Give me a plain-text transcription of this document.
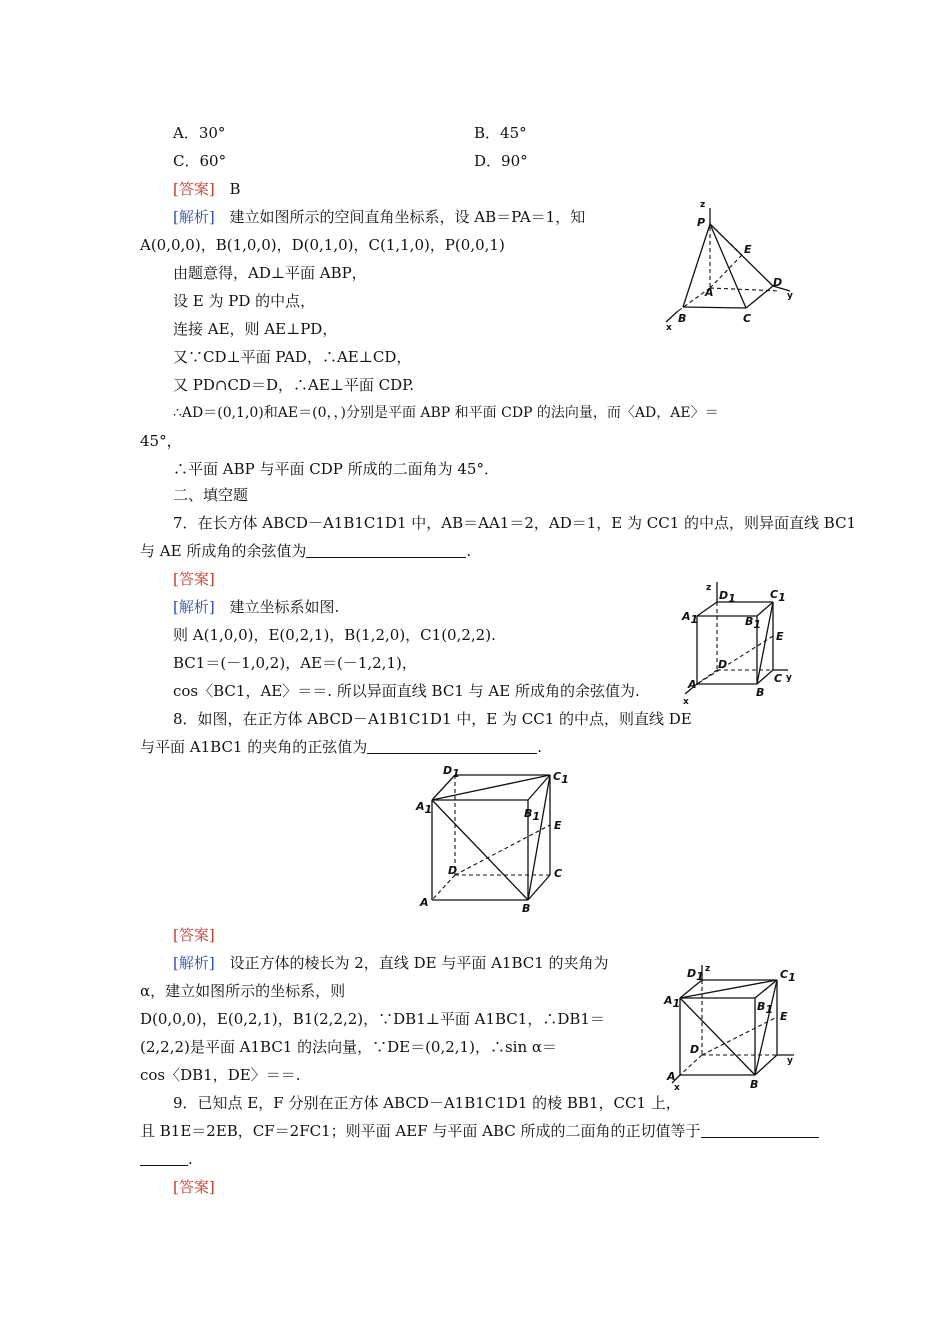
A．30°	B．45°
C．60°	D．90°
[答案] B
[解析] 建立如图所示的空间直角坐标系，设 AB＝PA＝1，知
A(0,0,0)，B(1,0,0)，D(0,1,0)，C(1,1,0)，P(0,0,1)
由题意得，AD⊥平面 ABP，
设 E 为 PD 的中点，
连接 AE，则 AE⊥PD，
又∵CD⊥平面 PAD，∴AE⊥CD，
又 PD∩CD＝D，∴AE⊥平面 CDP.
∴AD＝(0,1,0)和AE＝(0，，)分别是平面 ABP 和平面 CDP 的法向量，而〈AD，AE〉＝
45°，
∴平面 ABP 与平面 CDP 所成的二面角为 45°．
z
P
E
A
D
y
B	C
x
二、填空题
7．在长方体 ABCD－A1B1C1D1 中，AB＝AA1＝2，AD＝1，E 为 CC1 的中点，则异面直线 BC1
与 AE 所成角的余弦值为	.
[答案]
[解析] 建立坐标系如图.
则 A(1,0,0)，E(0,2,1)，B(1,2,0)，C1(0,2,2).
BC1＝(－1,0,2)，AE＝(－1,2,1)，
cos〈BC1，AE〉＝＝. 所以异面直线 BC1 与 AE 所成角的余弦值为.
z
D1	C1
A1	B1
E
D
A	C y
B
x
8．如图，在正方体 ABCD－A1B1C1D1 中，E 为 CC1 的中点，则直线 DE
与平面 A1BC1 的夹角的正弦值为	.
D1	C1
A1	B1
E
D	C
A	B
[答案]
[解析] 设正方体的棱长为 2，直线 DE 与平面 A1BC1 的夹角为
α，建立如图所示的坐标系，则
D(0,0,0)，E(0,2,1)，B1(2,2,2)，∵DB1⊥平面 A1BC1，∴DB1＝
(2,2,2)是平面 A1BC1 的法向量，∵DE＝(0,2,1)，∴sin α＝
cos〈DB1，DE〉＝＝.
D1
z	C1
A1	B1
E
D
y
A
x	B
9．已知点 E，F 分别在正方体 ABCD－A1B1C1D1 的棱 BB1，CC1 上，
且 B1E＝2EB，CF＝2FC1；则平面 AEF 与平面 ABC 所成的二面角的正切值等于
.
[答案]
